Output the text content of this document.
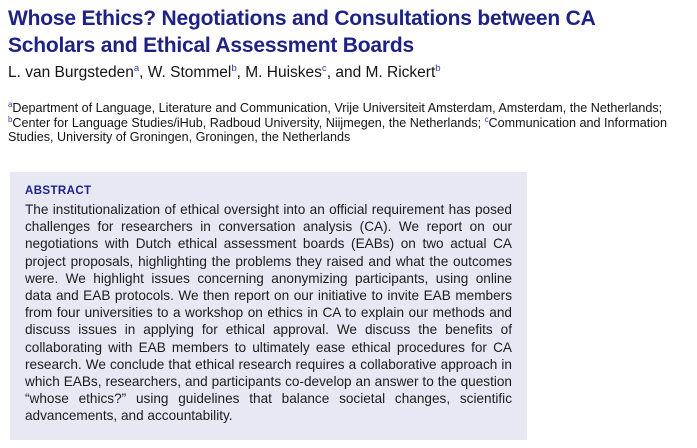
Whose Ethics? Negotiations and Consultations between CA
Scholars and Ethical Assessment Boards
L. van Burgsteden$^a$, W. Stommel$^b$, M. Huiskes$^c$, and M. Rickert$^b$
$^a$Department of Language, Literature and Communication, Vrije Universiteit Amsterdam, Amsterdam, the Netherlands; $^b$Center for Language Studies/iHub, Radboud University, Niijmegen, the Netherlands; $^c$Communication and Information Studies, University of Groningen, Groningen, the Netherlands
ABSTRACT
The institutionalization of ethical oversight into an official requirement has posed challenges for researchers in conversation analysis (CA). We report on our negotiations with Dutch ethical assessment boards (EABs) on two actual CA project proposals, highlighting the problems they raised and what the outcomes were. We highlight issues concerning anonymizing participants, using online data and EAB protocols. We then report on our initiative to invite EAB members from four universities to a workshop on ethics in CA to explain our methods and discuss issues in applying for ethical approval. We discuss the benefits of collaborating with EAB members to ultimately ease ethical procedures for CA research. We conclude that ethical research requires a collaborative approach in which EABs, researchers, and participants co-develop an answer to the question “whose ethics?” using guidelines that balance societal changes, scientific advancements, and accountability.
